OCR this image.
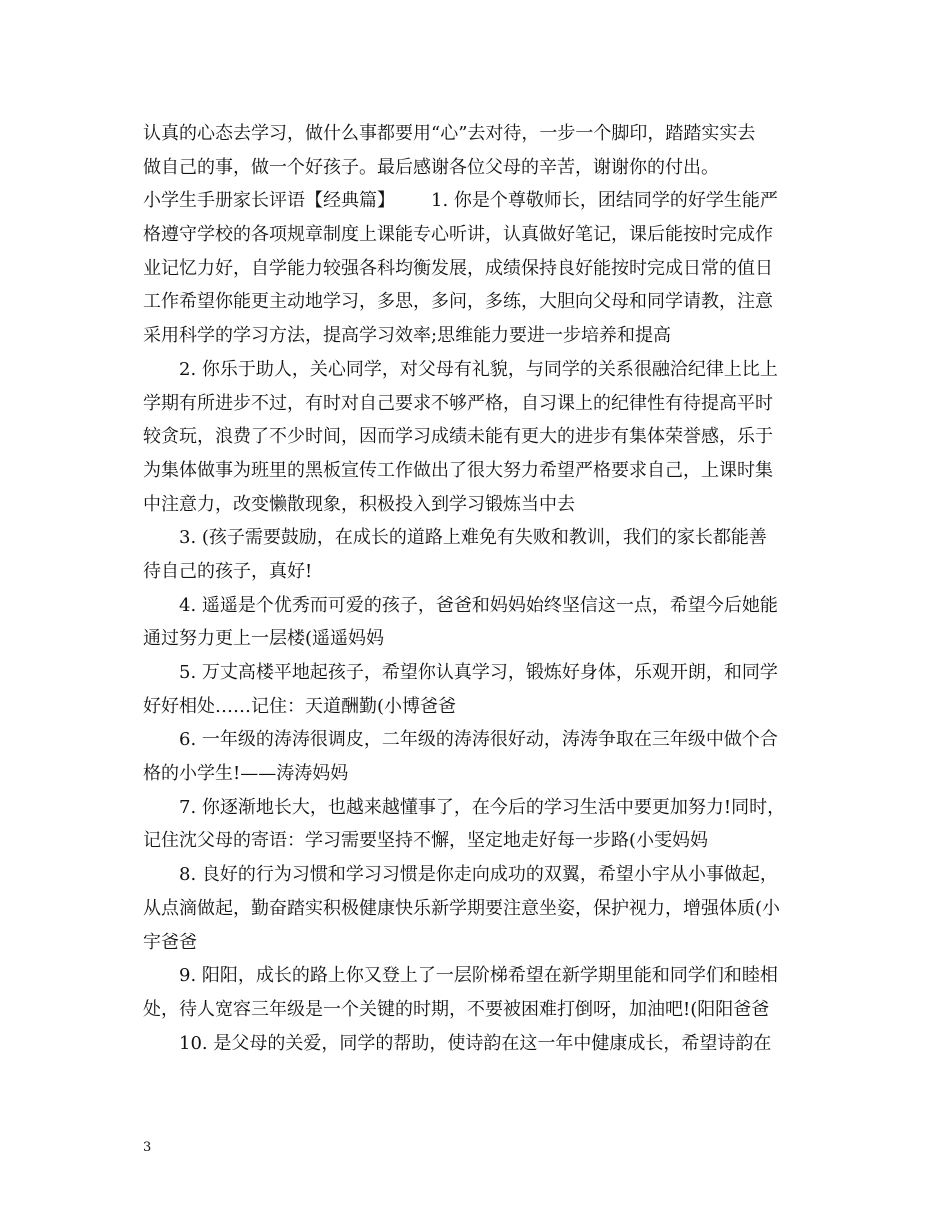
认真的心态去学习，做什么事都要用“心”去对待，一步一个脚印，踏踏实实去
做自己的事，做一个好孩子。最后感谢各位父母的辛苦，谢谢你的付出。
小学生手册家长评语【经典篇】 1. 你是个尊敬师长，团结同学的好学生能严
格遵守学校的各项规章制度上课能专心听讲，认真做好笔记，课后能按时完成作
业记忆力好，自学能力较强各科均衡发展，成绩保持良好能按时完成日常的值日
工作希望你能更主动地学习，多思，多问，多练，大胆向父母和同学请教，注意
采用科学的学习方法，提高学习效率;思维能力要进一步培养和提高
2. 你乐于助人，关心同学，对父母有礼貌，与同学的关系很融洽纪律上比上
学期有所进步不过，有时对自己要求不够严格，自习课上的纪律性有待提高平时
较贪玩，浪费了不少时间，因而学习成绩未能有更大的进步有集体荣誉感，乐于
为集体做事为班里的黑板宣传工作做出了很大努力希望严格要求自己，上课时集
中注意力，改变懒散现象，积极投入到学习锻炼当中去
3. (孩子需要鼓励，在成长的道路上难免有失败和教训，我们的家长都能善
待自己的孩子，真好!
4. 遥遥是个优秀而可爱的孩子，爸爸和妈妈始终坚信这一点，希望今后她能
通过努力更上一层楼(遥遥妈妈
5. 万丈高楼平地起孩子，希望你认真学习，锻炼好身体，乐观开朗，和同学
好好相处……记住：天道酬勤(小博爸爸
6. 一年级的涛涛很调皮，二年级的涛涛很好动，涛涛争取在三年级中做个合
格的小学生!——涛涛妈妈
7. 你逐渐地长大，也越来越懂事了，在今后的学习生活中要更加努力!同时，
记住沈父母的寄语：学习需要坚持不懈，坚定地走好每一步路(小雯妈妈
8. 良好的行为习惯和学习习惯是你走向成功的双翼，希望小宇从小事做起，
从点滴做起，勤奋踏实积极健康快乐新学期要注意坐姿，保护视力，增强体质(小
宇爸爸
9. 阳阳，成长的路上你又登上了一层阶梯希望在新学期里能和同学们和睦相
处，待人宽容三年级是一个关键的时期，不要被困难打倒呀，加油吧!(阳阳爸爸
10. 是父母的关爱，同学的帮助，使诗韵在这一年中健康成长，希望诗韵在
3
